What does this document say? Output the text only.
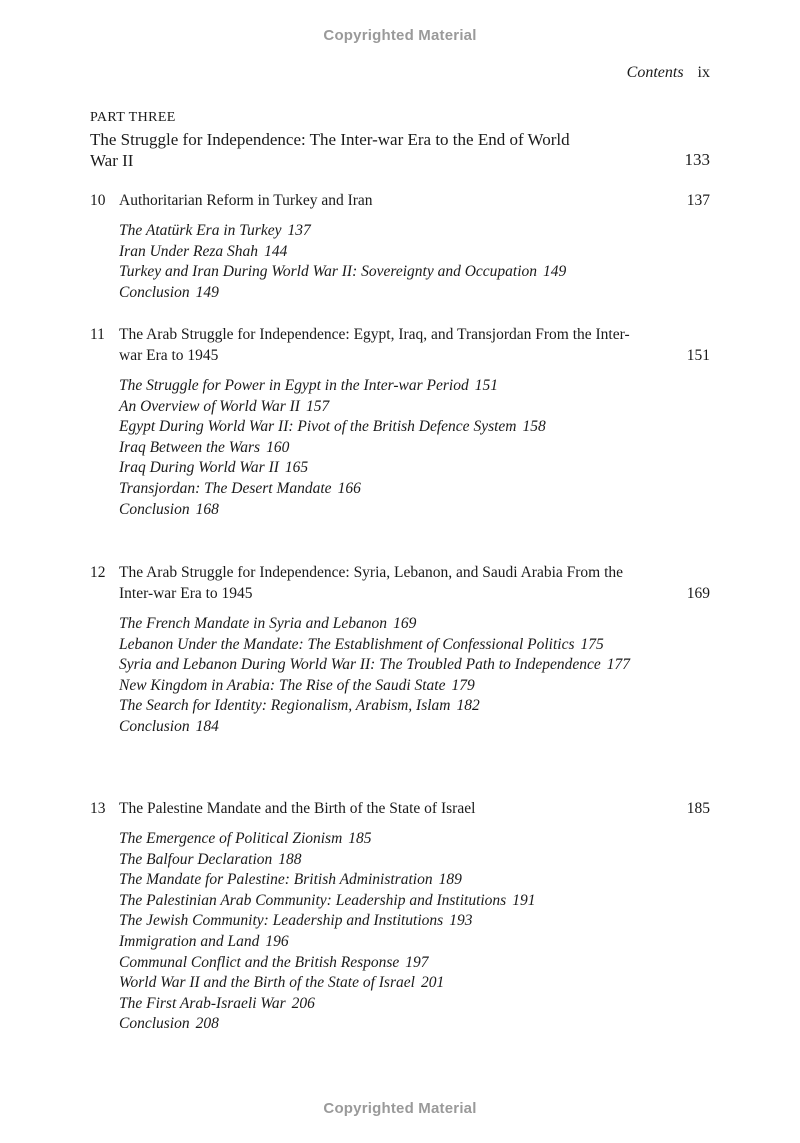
Copyrighted Material
Contents ix
PART THREE
The Struggle for Independence: The Inter-war Era to the End of World War II	133
10 Authoritarian Reform in Turkey and Iran	137
The Atatürk Era in Turkey 137
Iran Under Reza Shah 144
Turkey and Iran During World War II: Sovereignty and Occupation 149
Conclusion 149
11 The Arab Struggle for Independence: Egypt, Iraq, and Transjordan From the Inter-war Era to 1945	151
The Struggle for Power in Egypt in the Inter-war Period 151
An Overview of World War II 157
Egypt During World War II: Pivot of the British Defence System 158
Iraq Between the Wars 160
Iraq During World War II 165
Transjordan: The Desert Mandate 166
Conclusion 168
12 The Arab Struggle for Independence: Syria, Lebanon, and Saudi Arabia From the Inter-war Era to 1945	169
The French Mandate in Syria and Lebanon 169
Lebanon Under the Mandate: The Establishment of Confessional Politics 175
Syria and Lebanon During World War II: The Troubled Path to Independence 177
New Kingdom in Arabia: The Rise of the Saudi State 179
The Search for Identity: Regionalism, Arabism, Islam 182
Conclusion 184
13 The Palestine Mandate and the Birth of the State of Israel	185
The Emergence of Political Zionism 185
The Balfour Declaration 188
The Mandate for Palestine: British Administration 189
The Palestinian Arab Community: Leadership and Institutions 191
The Jewish Community: Leadership and Institutions 193
Immigration and Land 196
Communal Conflict and the British Response 197
World War II and the Birth of the State of Israel 201
The First Arab-Israeli War 206
Conclusion 208
Copyrighted Material
